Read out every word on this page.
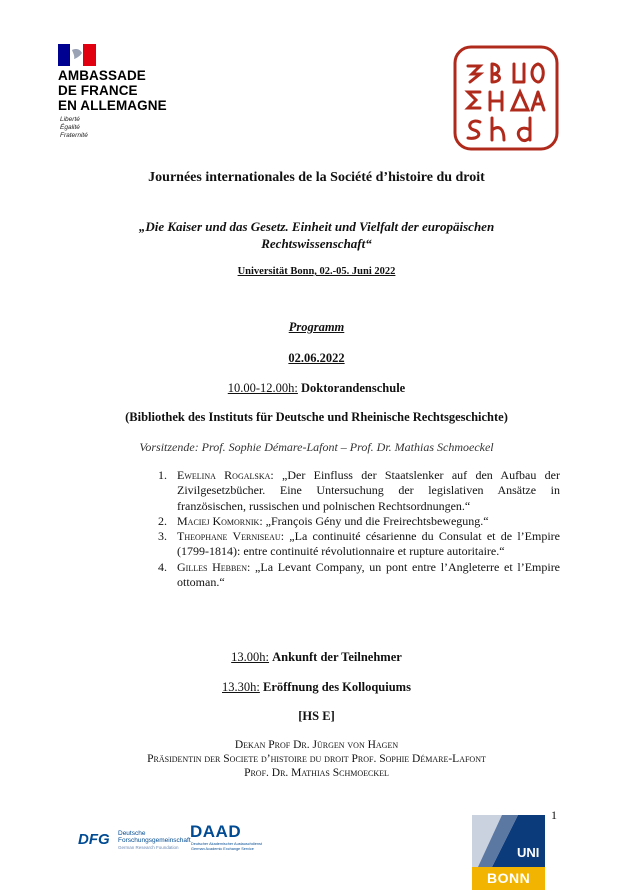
AMBASSADE
DE FRANCE
EN ALLEMAGNE
Liberté
Égalité
Fraternité
Journées internationales de la Société d’histoire du droit
„Die Kaiser und das Gesetz. Einheit und Vielfalt der europäischen
Rechtswissenschaft“
Universität Bonn, 02.-05. Juni 2022
Programm
02.06.2022
10.00-12.00h: Doktorandenschule
(Bibliothek des Instituts für Deutsche und Rheinische Rechtsgeschichte)
Vorsitzende: Prof. Sophie Démare-Lafont – Prof. Dr. Mathias Schmoeckel
1. Ewelina Rogalska: „Der Einfluss der Staatslenker auf den Aufbau der Zivilgesetzbücher. Eine Untersuchung der legislativen Ansätze in französischen, russischen und polnischen Rechtsordnungen.“
2. Maciej Komornik: „François Gény und die Freirechtsbewegung.“
3. Theophane Verniseau: „La continuité césarienne du Consulat et de l’Empire (1799-1814): entre continuité révolutionnaire et rupture autoritaire.“
4. Gilles Hebben: „La Levant Company, un pont entre l’Angleterre et l’Empire ottoman.“
13.00h: Ankunft der Teilnehmer
13.30h: Eröffnung des Kolloquiums
[HS E]
Dekan Prof Dr. Jürgen von Hagen
Präsidentin der Societe d’histoire du droit Prof. Sophie Démare-Lafont
Prof. Dr. Mathias Schmoeckel
1
DFG Deutsche
Forschungsgemeinschaft
German Research Foundation
DAAD
Deutscher Akademischer Austauschdienst
German Academic Exchange Service	UNI
BONN
